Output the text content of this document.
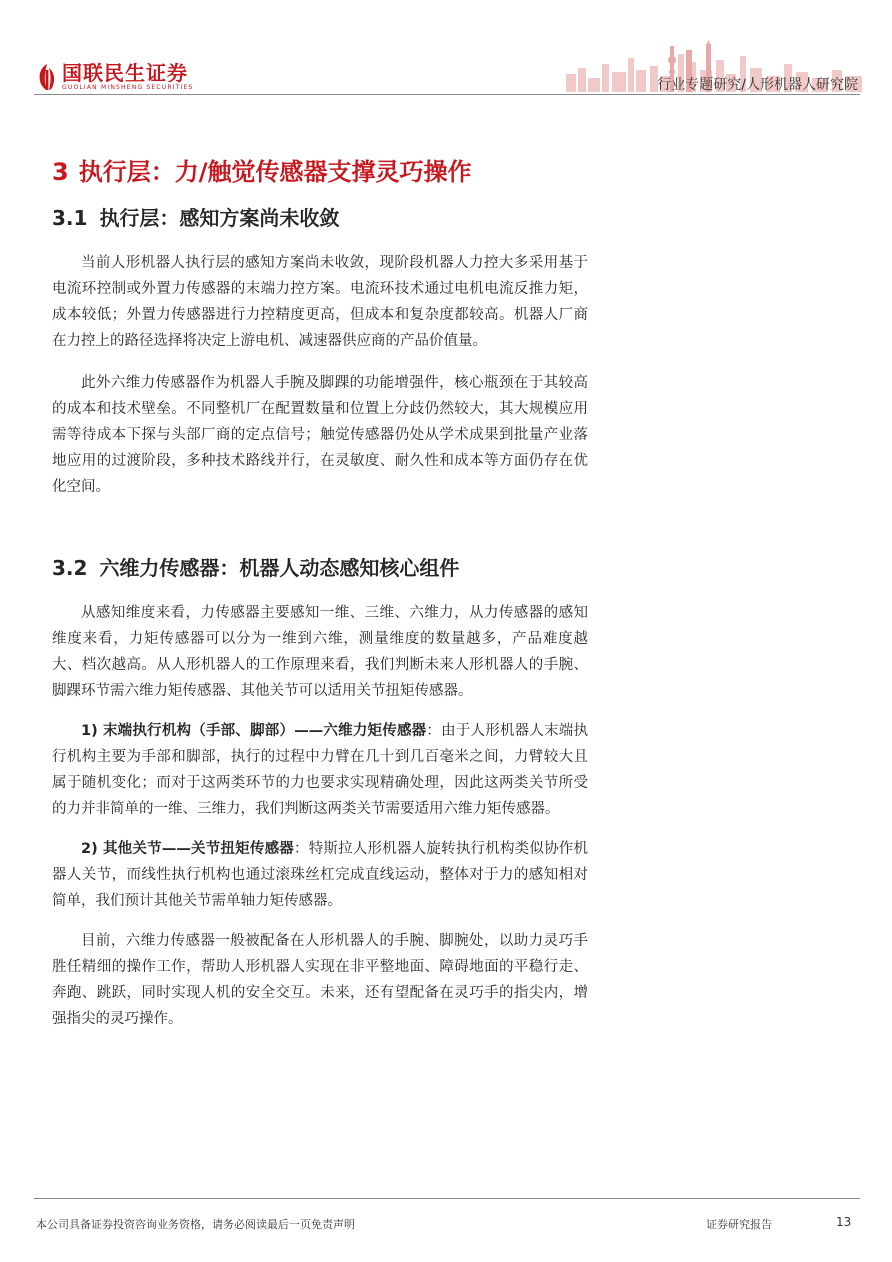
国联民生证券
GUOLIAN MINSHENG SECURITIES	行业专题研究/人形机器人研究院
3 执行层：力/触觉传感器支撑灵巧操作
3.1 执行层：感知方案尚未收敛

当前人形机器人执行层的感知方案尚未收敛，现阶段机器人力控大多采用基于电流环控制或外置力传感器的末端力控方案。电流环技术通过电机电流反推力矩，成本较低；外置力传感器进行力控精度更高，但成本和复杂度都较高。机器人厂商在力控上的路径选择将决定上游电机、减速器供应商的产品价值量。

此外六维力传感器作为机器人手腕及脚踝的功能增强件，核心瓶颈在于其较高的成本和技术壁垒。不同整机厂在配置数量和位置上分歧仍然较大，其大规模应用需等待成本下探与头部厂商的定点信号；触觉传感器仍处从学术成果到批量产业落地应用的过渡阶段，多种技术路线并行，在灵敏度、耐久性和成本等方面仍存在优化空间。

3.2 六维力传感器：机器人动态感知核心组件

从感知维度来看，力传感器主要感知一维、三维、六维力，从力传感器的感知维度来看，力矩传感器可以分为一维到六维，测量维度的数量越多，产品难度越大、档次越高。从人形机器人的工作原理来看，我们判断未来人形机器人的手腕、脚踝环节需六维力矩传感器、其他关节可以适用关节扭矩传感器。

1) 末端执行机构（手部、脚部）——六维力矩传感器：由于人形机器人末端执行机构主要为手部和脚部，执行的过程中力臂在几十到几百毫米之间，力臂较大且属于随机变化；而对于这两类环节的力也要求实现精确处理，因此这两类关节所受的力并非简单的一维、三维力，我们判断这两类关节需要适用六维力矩传感器。

2) 其他关节——关节扭矩传感器：特斯拉人形机器人旋转执行机构类似协作机器人关节，而线性执行机构也通过滚珠丝杠完成直线运动，整体对于力的感知相对简单，我们预计其他关节需单轴力矩传感器。

目前，六维力传感器一般被配备在人形机器人的手腕、脚腕处，以助力灵巧手胜任精细的操作工作，帮助人形机器人实现在非平整地面、障碍地面的平稳行走、奔跑、跳跃，同时实现人机的安全交互。未来，还有望配备在灵巧手的指尖内，增强指尖的灵巧操作。

本公司具备证券投资咨询业务资格，请务必阅读最后一页免责声明	证券研究报告	13
